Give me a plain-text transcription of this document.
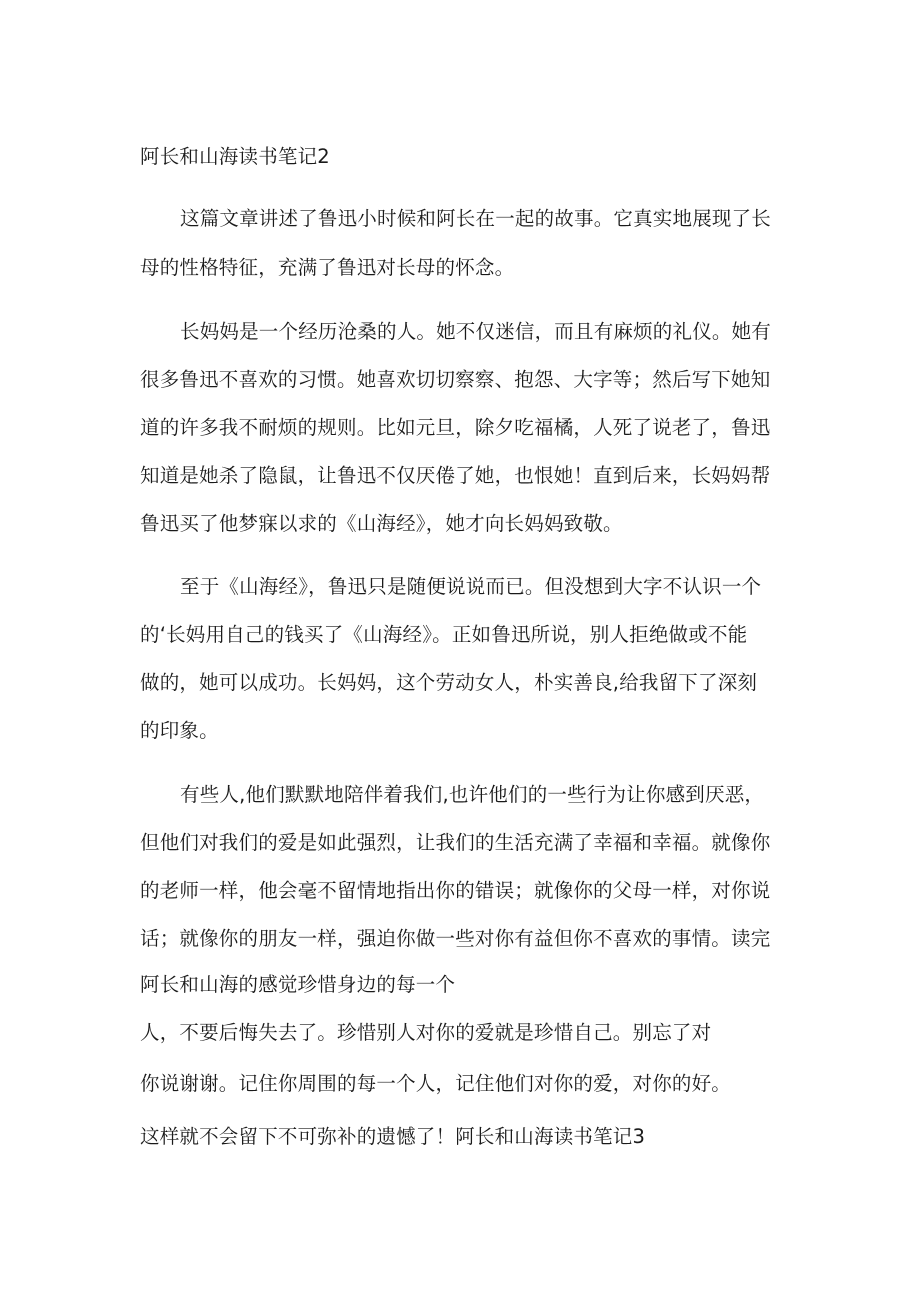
阿长和山海读书笔记2
这篇文章讲述了鲁迅小时候和阿长在一起的故事。它真实地展现了长
母的性格特征，充满了鲁迅对长母的怀念。
长妈妈是一个经历沧桑的人。她不仅迷信，而且有麻烦的礼仪。她有
很多鲁迅不喜欢的习惯。她喜欢切切察察、抱怨、大字等；然后写下她知
道的许多我不耐烦的规则。比如元旦，除夕吃福橘，人死了说老了，鲁迅
知道是她杀了隐鼠，让鲁迅不仅厌倦了她，也恨她！直到后来，长妈妈帮
鲁迅买了他梦寐以求的《山海经》，她才向长妈妈致敬。
至于《山海经》，鲁迅只是随便说说而已。但没想到大字不认识一个
的‘长妈用自己的钱买了《山海经》。正如鲁迅所说，别人拒绝做或不能
做的，她可以成功。长妈妈，这个劳动女人，朴实善良,给我留下了深刻
的印象。
有些人,他们默默地陪伴着我们,也许他们的一些行为让你感到厌恶，
但他们对我们的爱是如此强烈，让我们的生活充满了幸福和幸福。就像你
的老师一样，他会毫不留情地指出你的错误；就像你的父母一样，对你说
话；就像你的朋友一样，强迫你做一些对你有益但你不喜欢的事情。读完
阿长和山海的感觉珍惜身边的每一个
人，不要后悔失去了。珍惜别人对你的爱就是珍惜自己。别忘了对
你说谢谢。记住你周围的每一个人，记住他们对你的爱，对你的好。
这样就不会留下不可弥补的遗憾了！阿长和山海读书笔记3
